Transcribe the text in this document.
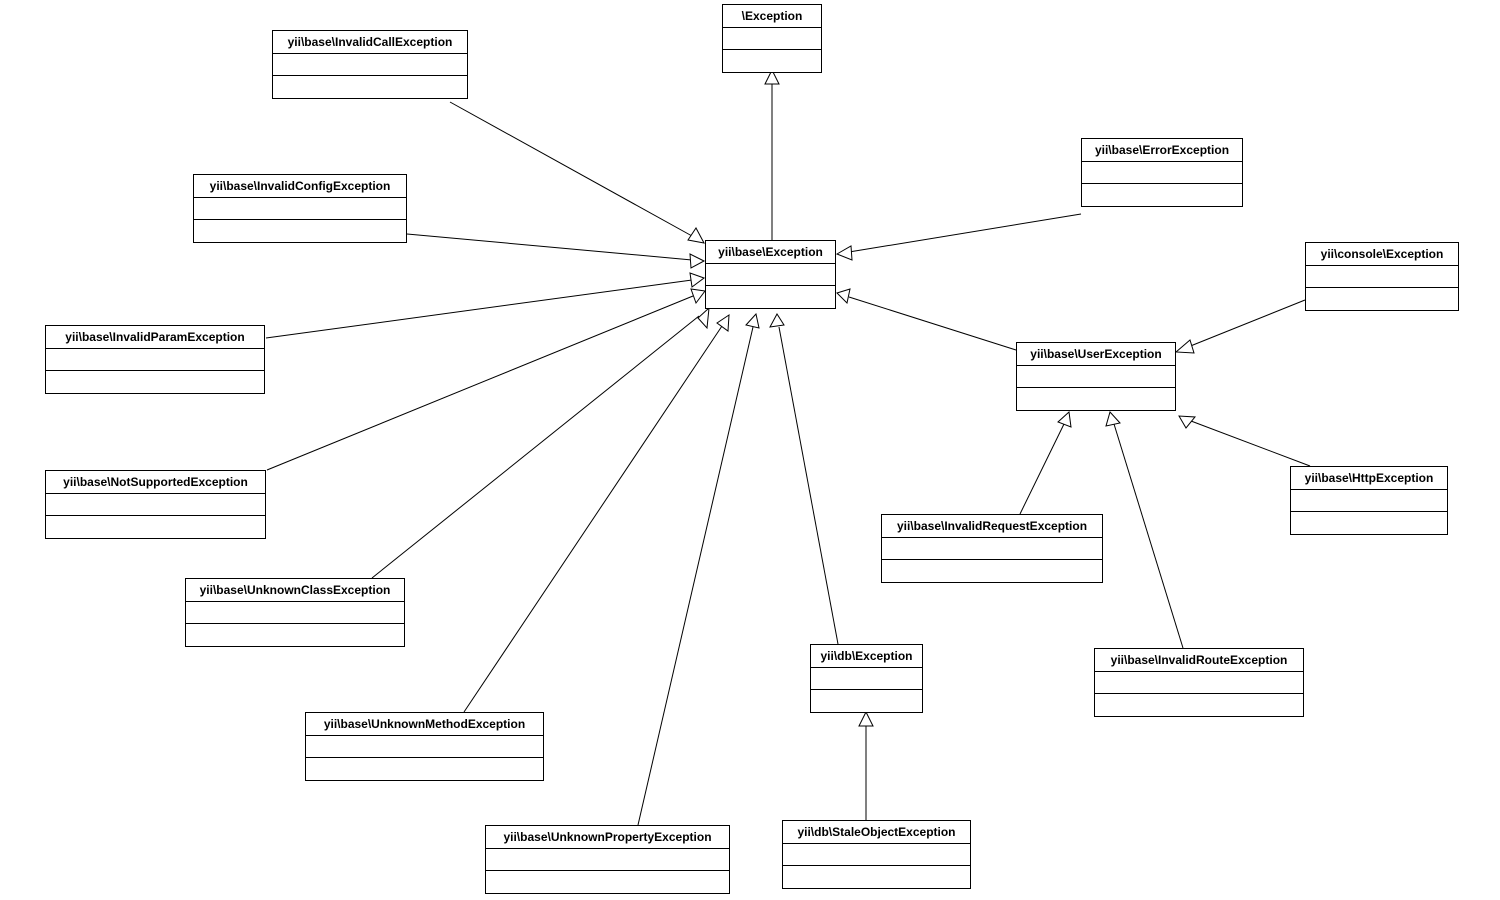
\Exception
yii\base\InvalidCallException
yii\base\InvalidConfigException
yii\base\ErrorException
yii\console\Exception
yii\base\Exception
yii\base\InvalidParamException
yii\base\UserException
yii\base\NotSupportedException	yii\base\HttpException
yii\base\InvalidRequestException
yii\base\UnknownClassException
yii\db\Exception	yii\base\InvalidRouteException
yii\base\UnknownMethodException
yii\db\StaleObjectException
yii\base\UnknownPropertyException
